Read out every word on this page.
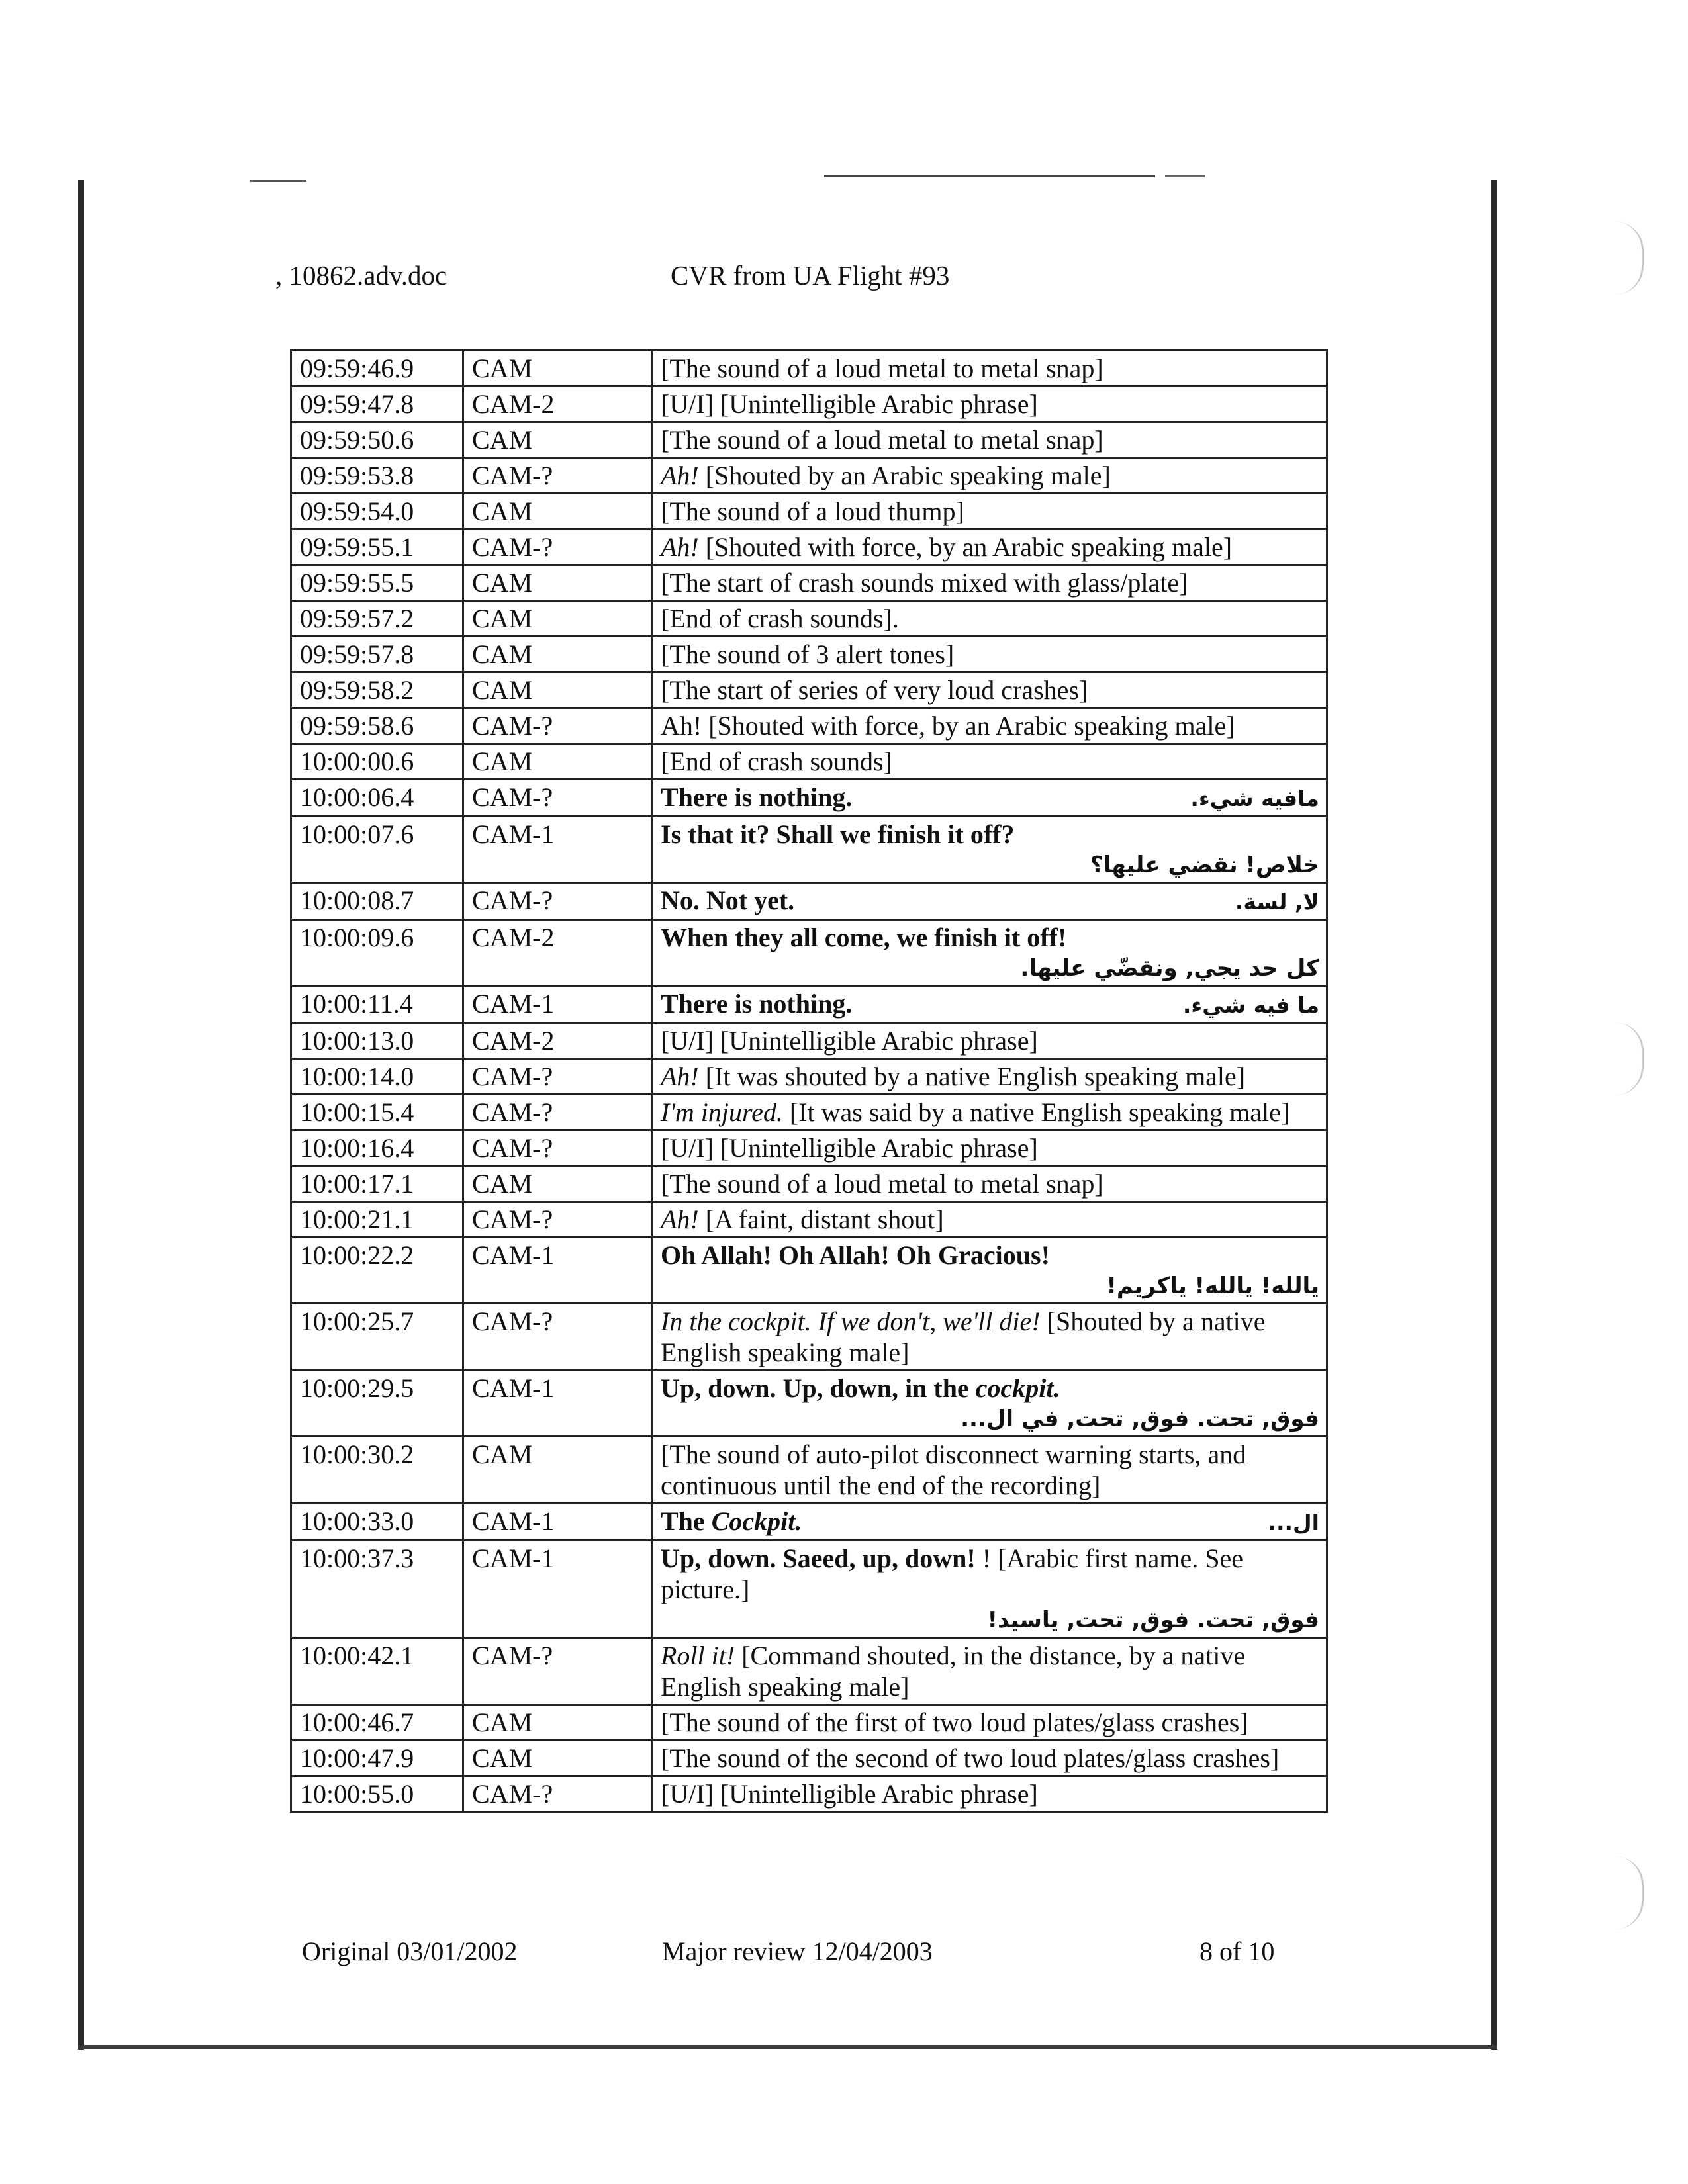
, 10862.adv.doc	CVR from UA Flight #93
09:59:46.9	CAM	[The sound of a loud metal to metal snap]

09:59:47.8	CAM-2	[U/I] [Unintelligible Arabic phrase]

09:59:50.6	CAM	[The sound of a loud metal to metal snap]

09:59:53.8	CAM-?	Ah! [Shouted by an Arabic speaking male]

09:59:54.0	CAM	[The sound of a loud thump]

09:59:55.1	CAM-?	Ah! [Shouted with force, by an Arabic speaking male]

09:59:55.5	CAM	[The start of crash sounds mixed with glass/plate]

09:59:57.2	CAM	[End of crash sounds].

09:59:57.8	CAM	[The sound of 3 alert tones]

09:59:58.2	CAM	[The start of series of very loud crashes]

09:59:58.6	CAM-?	Ah! [Shouted with force, by an Arabic speaking male]

10:00:00.6	CAM	[End of crash sounds]

10:00:06.4	CAM-?	There is nothing. مافيه شيء.

10:00:07.6	CAM-1	Is that it? Shall we finish it off?
خلاص! نقضي عليها؟

10:00:08.7	CAM-?	No. Not yet. لا, لسة.

10:00:09.6	CAM-2	When they all come, we finish it off!
كل حد يجي, ونقضّي عليها.

10:00:11.4	CAM-1	There is nothing. ما فيه شيء.

10:00:13.0	CAM-2	[U/I] [Unintelligible Arabic phrase]

10:00:14.0	CAM-?	Ah! [It was shouted by a native English speaking male]

10:00:15.4	CAM-?	I'm injured. [It was said by a native English speaking male]

10:00:16.4	CAM-?	[U/I] [Unintelligible Arabic phrase]

10:00:17.1	CAM	[The sound of a loud metal to metal snap]

10:00:21.1	CAM-?	Ah! [A faint, distant shout]

10:00:22.2	CAM-1	Oh Allah! Oh Allah! Oh Gracious!
يالله! يالله! ياكريم!

10:00:25.7	CAM-?	In the cockpit. If we don't, we'll die! [Shouted by a native English speaking male]

10:00:29.5	CAM-1	Up, down. Up, down, in the cockpit.
فوق, تحت. فوق, تحت, في ال...

10:00:30.2	CAM	[The sound of auto-pilot disconnect warning starts, and continuous until the end of the recording]

10:00:33.0	CAM-1	The Cockpit. ال...

10:00:37.3	CAM-1	Up, down. Saeed, up, down! ! [Arabic first name. See picture.]
فوق, تحت. فوق, تحت, ياسيد!

10:00:42.1	CAM-?	Roll it! [Command shouted, in the distance, by a native English speaking male]

10:00:46.7	CAM	[The sound of the first of two loud plates/glass crashes]

10:00:47.9	CAM	[The sound of the second of two loud plates/glass crashes]

10:00:55.0	CAM-?	[U/I] [Unintelligible Arabic phrase]
Original 03/01/2002	Major review 12/04/2003	8 of 10
